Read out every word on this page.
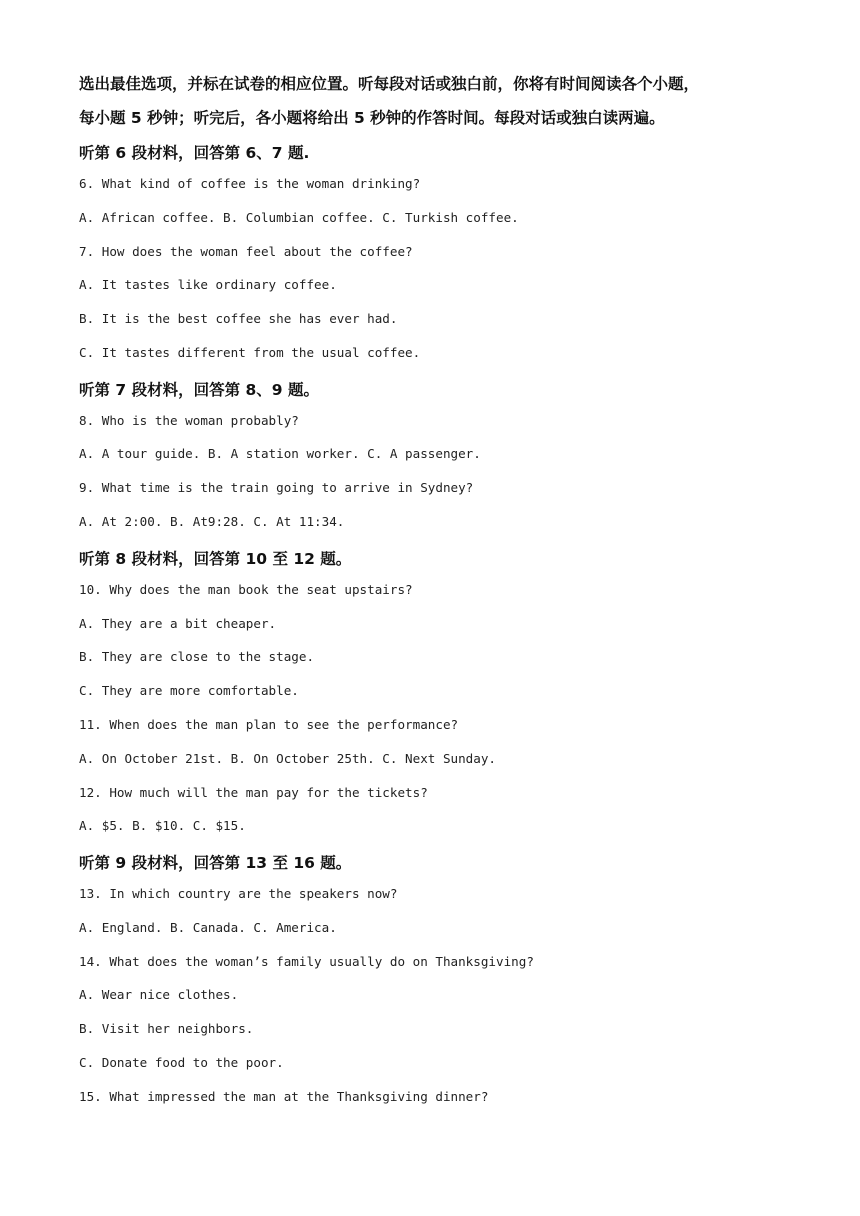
选出最佳选项，并标在试卷的相应位置。听每段对话或独白前，你将有时间阅读各个小题，
每小题 5 秒钟；听完后，各小题将给出 5 秒钟的作答时间。每段对话或独白读两遍。
听第 6 段材料，回答第 6、7 题.
6. What kind of coffee is the woman drinking?
A. African coffee. B. Columbian coffee. C. Turkish coffee.
7. How does the woman feel about the coffee?
A. It tastes like ordinary coffee.
B. It is the best coffee she has ever had.
C. It tastes different from the usual coffee.
听第 7 段材料，回答第 8、9 题。
8. Who is the woman probably?
A. A tour guide. B. A station worker. C. A passenger.
9. What time is the train going to arrive in Sydney?
A. At 2:00. B. At9:28. C. At 11:34.
听第 8 段材料，回答第 10 至 12 题。
10. Why does the man book the seat upstairs?
A. They are a bit cheaper.
B. They are close to the stage.
C. They are more comfortable.
11. When does the man plan to see the performance?
A. On October 21st. B. On October 25th. C. Next Sunday.
12. How much will the man pay for the tickets?
A. $5. B. $10. C. $15.
听第 9 段材料，回答第 13 至 16 题。
13. In which country are the speakers now?
A. England. B. Canada. C. America.
14. What does the woman’s family usually do on Thanksgiving?
A. Wear nice clothes.
B. Visit her neighbors.
C. Donate food to the poor.
15. What impressed the man at the Thanksgiving dinner?
